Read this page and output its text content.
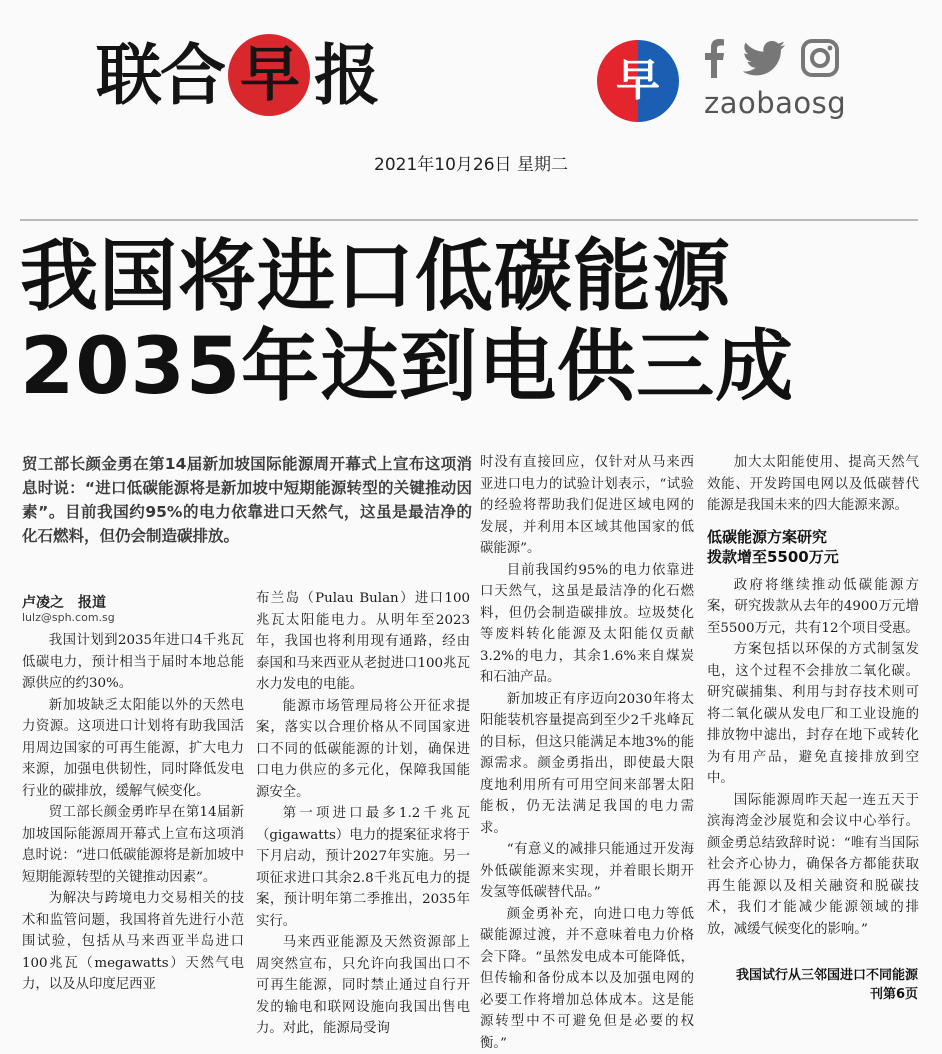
联 合 早 报	早	zaobaosg
2021年10月26日 星期二
我国将进口低碳能源
2035年达到电供三成
贸工部长颜金勇在第14届新加坡国际能源周开幕式上宣布这项消息时说：“进口低碳能源将是新加坡中短期能源转型的关键推动因素”。目前我国约95%的电力依靠进口天然气，这虽是最洁净的化石燃料，但仍会制造碳排放。
卢凌之　报道
lulz@sph.com.sg

我国计划到2035年进口4千兆瓦低碳电力，预计相当于届时本地总能源供应的约30%。

新加坡缺乏太阳能以外的天然电力资源。这项进口计划将有助我国活用周边国家的可再生能源，扩大电力来源，加强电供韧性，同时降低发电行业的碳排放，缓解气候变化。

贸工部长颜金勇昨早在第14届新加坡国际能源周开幕式上宣布这项消息时说：“进口低碳能源将是新加坡中短期能源转型的关键推动因素”。

为解决与跨境电力交易相关的技术和监管问题，我国将首先进行小范围试验，包括从马来西亚半岛进口100兆瓦（megawatts）天然气电力，以及从印度尼西亚

布兰岛（Pulau Bulan）进口100兆瓦太阳能电力。从明年至2023年，我国也将利用现有通路，经由泰国和马来西亚从老挝进口100兆瓦水力发电的电能。

能源市场管理局将公开征求提案，落实以合理价格从不同国家进口不同的低碳能源的计划，确保进口电力供应的多元化，保障我国能源安全。

第一项进口最多1.2千兆瓦（gigawatts）电力的提案征求将于下月启动，预计2027年实施。另一项征求进口其余2.8千兆瓦电力的提案，预计明年第二季推出，2035年实行。

马来西亚能源及天然资源部上周突然宣布，只允许向我国出口不可再生能源，同时禁止通过自行开发的输电和联网设施向我国出售电力。对此，能源局受询

时没有直接回应，仅针对从马来西亚进口电力的试验计划表示，“试验的经验将帮助我们促进区域电网的发展，并利用本区域其他国家的低碳能源”。

目前我国约95%的电力依靠进口天然气，这虽是最洁净的化石燃料，但仍会制造碳排放。垃圾焚化等废料转化能源及太阳能仅贡献3.2%的电力，其余1.6%来自煤炭和石油产品。

新加坡正有序迈向2030年将太阳能装机容量提高到至少2千兆峰瓦的目标，但这只能满足本地3%的能源需求。颜金勇指出，即使最大限度地利用所有可用空间来部署太阳能板，仍无法满足我国的电力需求。

“有意义的减排只能通过开发海外低碳能源来实现，并着眼长期开发氢等低碳替代品。”

颜金勇补充，向进口电力等低碳能源过渡，并不意味着电力价格会下降。“虽然发电成本可能降低，但传输和备份成本以及加强电网的必要工作将增加总体成本。这是能源转型中不可避免但是必要的权衡。”

加大太阳能使用、提高天然气效能、开发跨国电网以及低碳替代能源是我国未来的四大能源来源。

低碳能源方案研究
拨款增至5500万元

政府将继续推动低碳能源方案，研究拨款从去年的4900万元增至5500万元，共有12个项目受惠。

方案包括以环保的方式制氢发电，这个过程不会排放二氧化碳。研究碳捕集、利用与封存技术则可将二氧化碳从发电厂和工业设施的排放物中滤出，封存在地下或转化为有用产品，避免直接排放到空中。

国际能源周昨天起一连五天于滨海湾金沙展览和会议中心举行。颜金勇总结致辞时说：“唯有当国际社会齐心协力，确保各方都能获取再生能源以及相关融资和脱碳技术，我们才能减少能源领域的排放，减缓气候变化的影响。”

我国试行从三邻国进口不同能源
刊第6页
